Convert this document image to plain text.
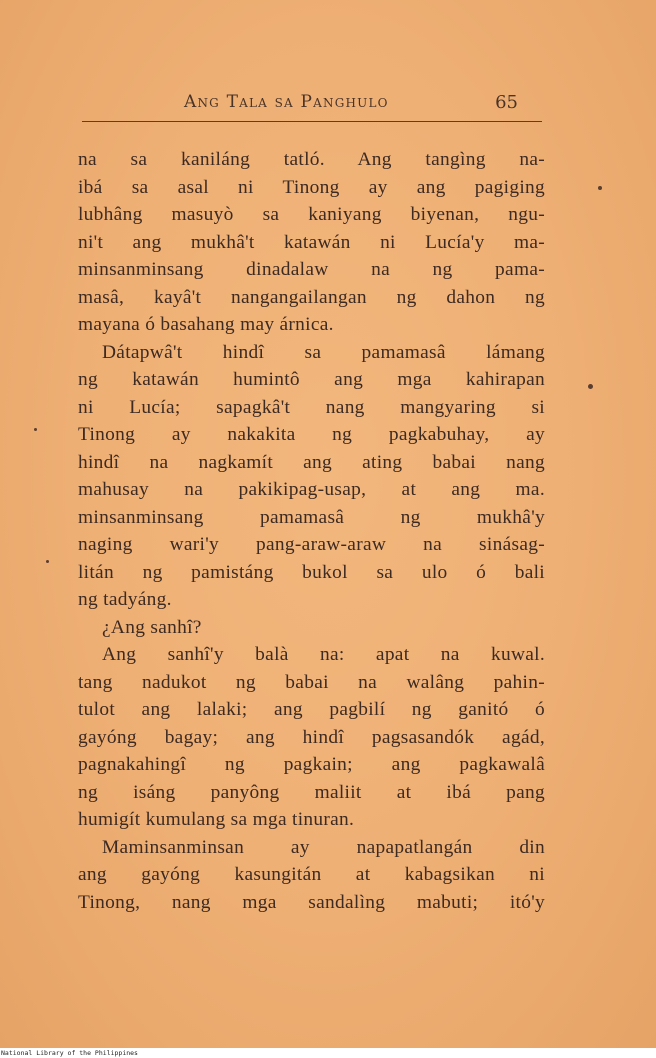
Ang Tala sa Panghulo	65
na sa kaniláng tatló. Ang tangìng na-
ibá sa asal ni Tinong ay ang pagiging
lubhâng masuyò sa kaniyang biyenan, ngu-
ni't ang mukhâ't katawán ni Lucía'y ma-
minsanminsang dinadalaw na ng pama-
masâ, kayâ't nangangailangan ng dahon ng
mayana ó basahang may árnica.
Dátapwâ't hindî sa pamamasâ lámang
ng katawán humintô ang mga kahirapan
ni Lucía; sapagkâ't nang mangyaring si
Tinong ay nakakita ng pagkabuhay, ay
hindî na nagkamít ang ating babai nang
mahusay na pakikipag-usap, at ang ma.
minsanminsang pamamasâ ng mukhâ'y
naging wari'y pang-araw-araw na sinásag-
litán ng pamistáng bukol sa ulo ó bali
ng tadyáng.
¿Ang sanhî?
Ang sanhî'y balà na: apat na kuwal.
tang nadukot ng babai na walâng pahin-
tulot ang lalaki; ang pagbilí ng ganitó ó
gayóng bagay; ang hindî pagsasandók agád,
pagnakahingî ng pagkain; ang pagkawalâ
ng isáng panyông maliit at ibá pang
humigít kumulang sa mga tinuran.
Maminsanminsan ay napapatlangán din
ang gayóng kasungitán at kabagsikan ni
Tinong, nang mga sandalìng mabuti; itó'y
National Library of the Philippines
